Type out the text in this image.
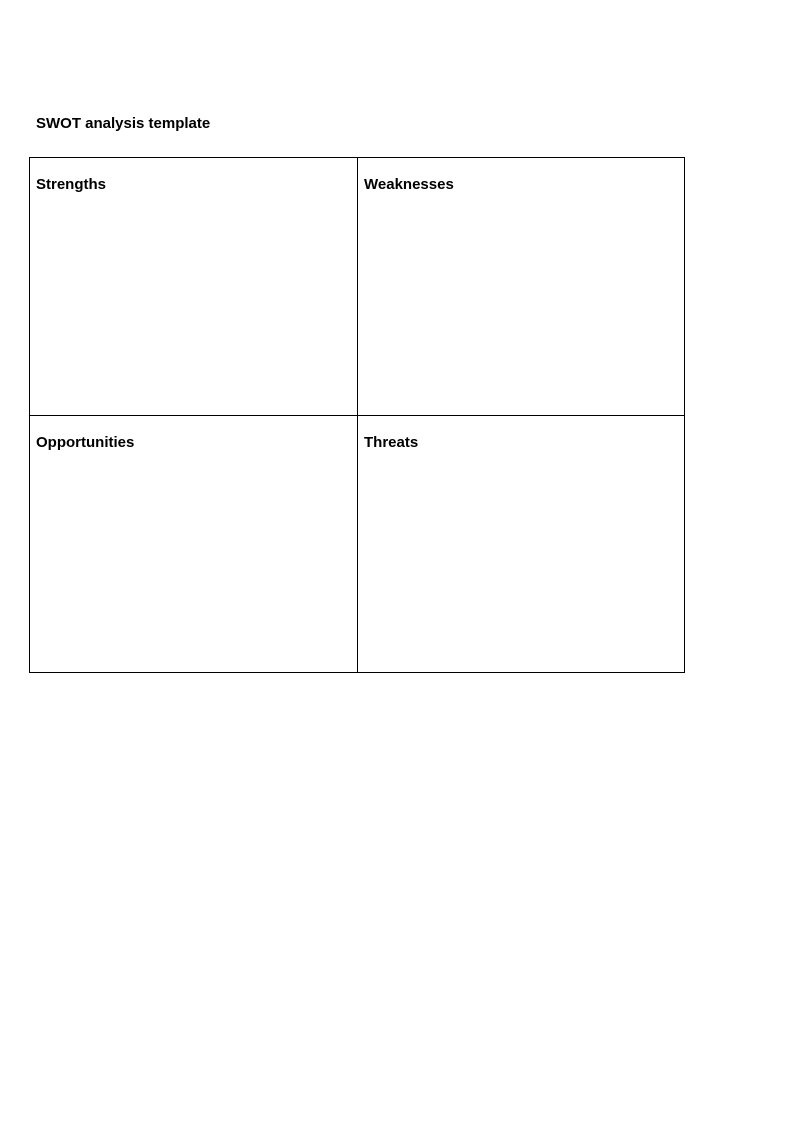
SWOT analysis template
Strengths	Weaknesses
Opportunities	Threats
